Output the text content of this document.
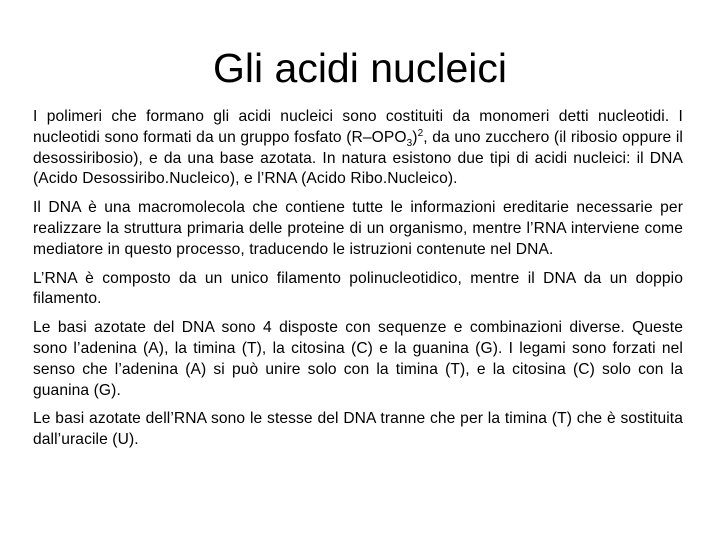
Gli acidi nucleici

I polimeri che formano gli acidi nucleici sono costituiti da monomeri detti nucleotidi. I nucleotidi sono formati da un gruppo fosfato $(R-OPO_3)^2$, da uno zucchero (il ribosio oppure il desossiribosio), e da una base azotata. In natura esistono due tipi di acidi nucleici: il DNA (Acido Desossiribo.Nucleico), e l’RNA (Acido Ribo.Nucleico).

Il DNA è una macromolecola che contiene tutte le informazioni ereditarie necessarie per realizzare la struttura primaria delle proteine di un organismo, mentre l’RNA interviene come mediatore in questo processo, traducendo le istruzioni contenute nel DNA.

L’RNA è composto da un unico filamento polinucleotidico, mentre il DNA da un doppio filamento.

Le basi azotate del DNA sono 4 disposte con sequenze e combinazioni diverse. Queste sono l’adenina (A), la timina (T), la citosina (C) e la guanina (G). I legami sono forzati nel senso che l’adenina (A) si può unire solo con la timina (T), e la citosina (C) solo con la guanina (G).

Le basi azotate dell’RNA sono le stesse del DNA tranne che per la timina (T) che è sostituita dall’uracile (U).
